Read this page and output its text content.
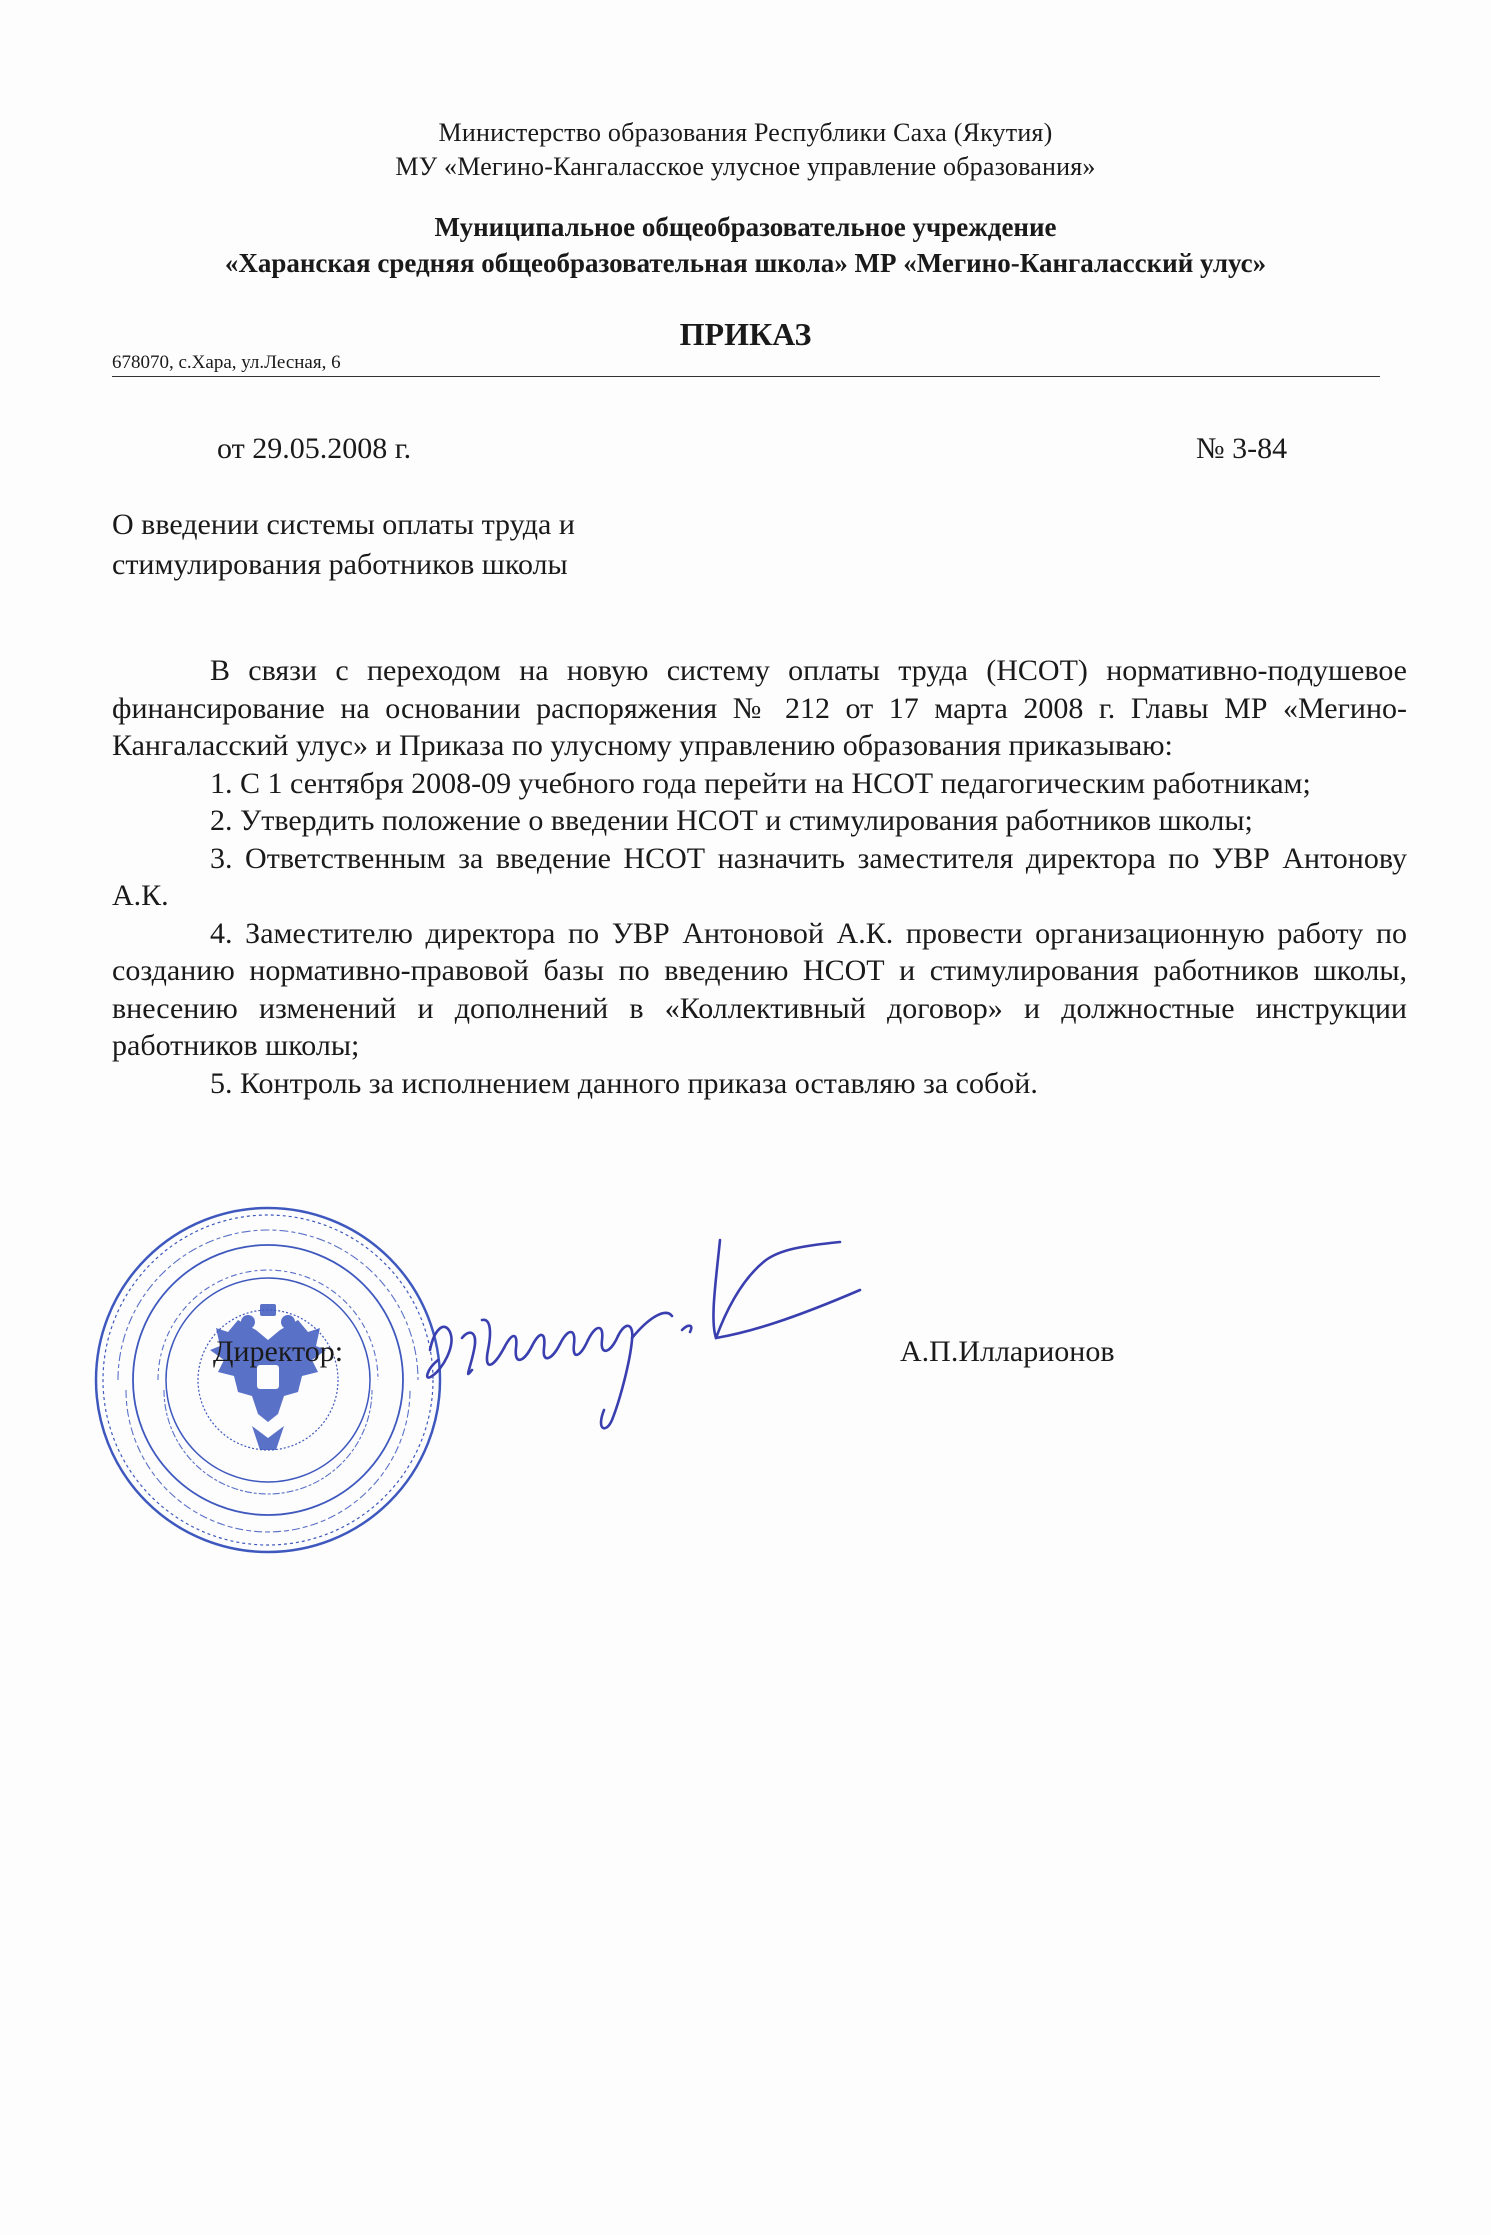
Министерство образования Республики Саха (Якутия)
МУ «Мегино-Кангаласское улусное управление образования»
Муниципальное общеобразовательное учреждение
«Харанская средняя общеобразовательная школа» МР «Мегино-Кангаласский улус»
ПРИКАЗ
678070, с.Хара, ул.Лесная, 6
от 29.05.2008 г.	№ 3-84
О введении системы оплаты труда и
стимулирования работников школы

В связи с переходом на новую систему оплаты труда (НСОТ) нормативно-подушевое финансирование на основании распоряжения № 212 от 17 марта 2008 г. Главы МР «Мегино-Кангаласский улус» и Приказа по улусному управлению образования приказываю:

1. С 1 сентября 2008-09 учебного года перейти на НСОТ педагогическим работникам;

2. Утвердить положение о введении НСОТ и стимулирования работников школы;

3. Ответственным за введение НСОТ назначить заместителя директора по УВР Антонову А.К.

4. Заместителю директора по УВР Антоновой А.К. провести организационную работу по созданию нормативно-правовой базы по введению НСОТ и стимулирования работников школы, внесению изменений и дополнений в «Коллективный договор» и должностные инструкции работников школы;

5. Контроль за исполнением данного приказа оставляю за собой.

Директор:	А.П.Илларионов
